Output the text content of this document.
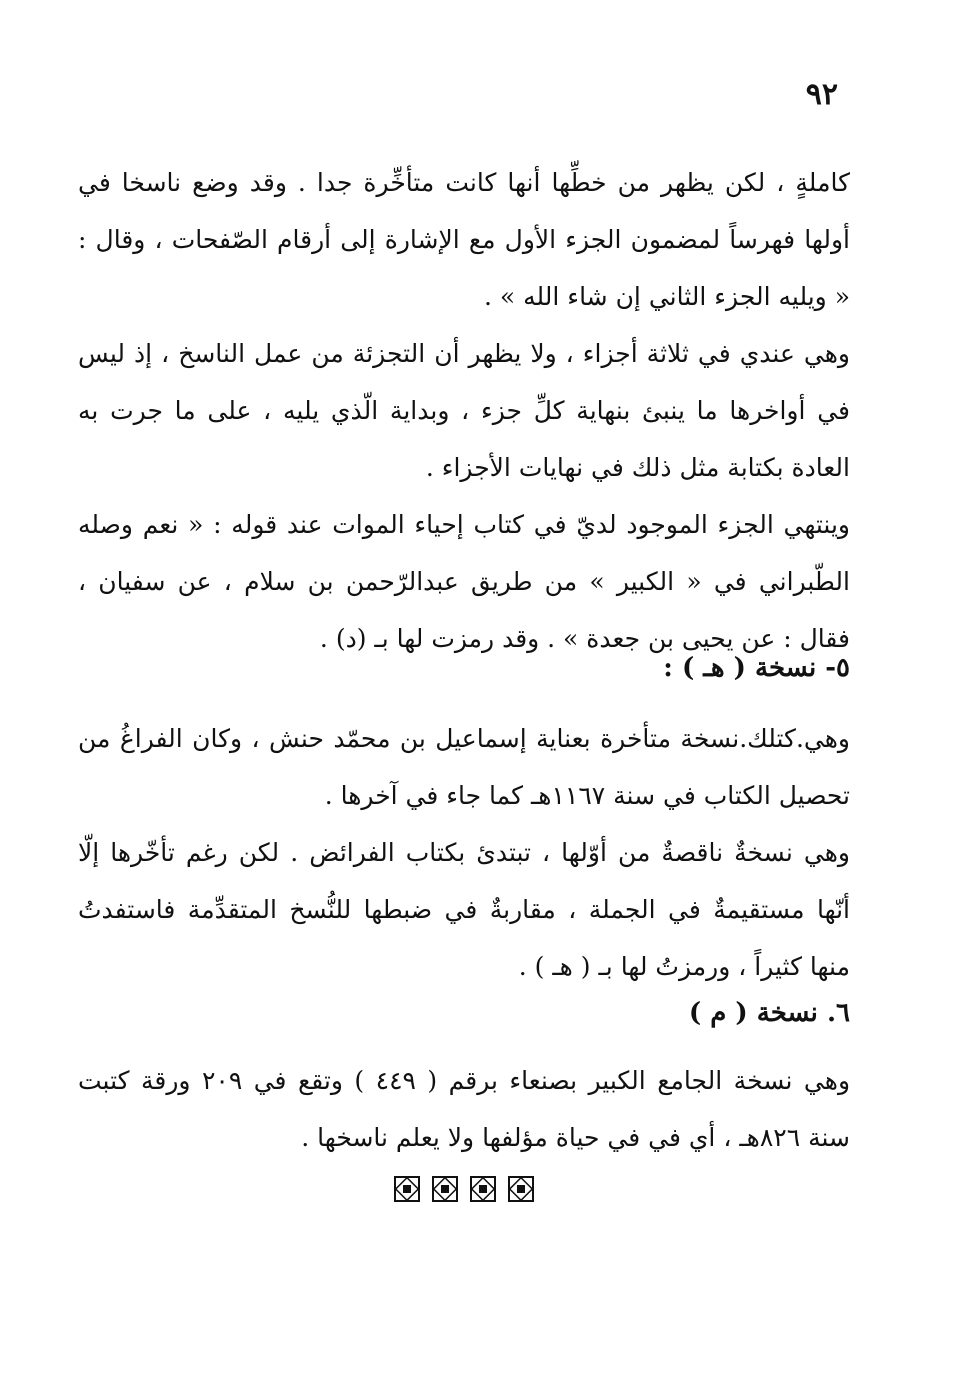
٩٢

كاملةٍ ، لكن يظهر من خطِّها أنها كانت متأخِّرة جدا . وقد وضع ناسخا في أولها فهرساً لمضمون الجزء الأول مع الإشارة إلى أرقام الصّفحات ، وقال : « ويليه الجزء الثاني إن شاء الله » .

وهي عندي في ثلاثة أجزاء ، ولا يظهر أن التجزئة من عمل الناسخ ، إذ ليس في أواخرها ما ينبئ بنهاية كلِّ جزء ، وبداية الّذي يليه ، على ما جرت به العادة بكتابة مثل ذلك في نهايات الأجزاء .

وينتهي الجزء الموجود لديّ في كتاب إحياء الموات عند قوله : « نعم وصله الطّبراني في « الكبير » من طريق عبدالرّحمن بن سلام ، عن سفيان ، فقال : عن يحيى بن جعدة » . وقد رمزت لها بـ (د) .

٥- نسخة ( هـ ) :

وهي.كتلك.نسخة متأخرة بعناية إسماعيل بن محمّد حنش ، وكان الفراغُ من تحصيل الكتاب في سنة ١١٦٧هـ كما جاء في آخرها .

وهي نسخةٌ ناقصةٌ من أوّلها ، تبتدئ بكتاب الفرائض . لكن رغم تأخّرها إلّا أنّها مستقيمةٌ في الجملة ، مقاربةٌ في ضبطها للنُّسخ المتقدِّمة فاستفدتُ منها كثيراً ، ورمزتُ لها بـ ( هـ ) .

٦. نسخة ( م )

وهي نسخة الجامع الكبير بصنعاء برقم ( ٤٤٩ ) وتقع في ٢٠٩ ورقة كتبت سنة ٨٢٦هـ ، أي في في حياة مؤلفها ولا يعلم ناسخها .
